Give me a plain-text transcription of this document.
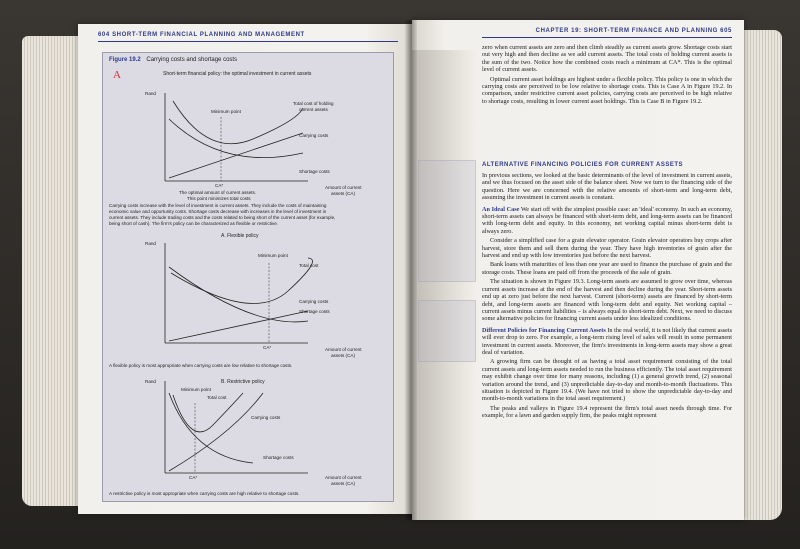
604 SHORT-TERM FINANCIAL PLANNING AND MANAGEMENT
Figure 19.2 Carrying costs and shortage costs
A	Short-term financial policy: the optimal investment in current assets
Rand
Minimum point
Total cost of holding
current assets
Carrying costs
Shortage costs
CA*
The optimal amount of current assets.
This point minimizes total costs
Amount of current
assets (CA)
Carrying costs increase with the level of investment in current assets. They include the costs of maintaining
economic value and opportunity costs. Shortage costs decrease with increases in the level of investment in
current assets. They include trading costs and the costs related to being short of the current asset (for example,
being short of cash). The firm's policy can be characterized as flexible or restrictive.
A. Flexible policy
Rand
Minimum point
Total cost
Carrying costs
Shortage costs
CA*	Amount of current
assets (CA)
A flexible policy is most appropriate when carrying costs are low relative to shortage costs.
B. Restrictive policy
Rand
Minimum point
Total cost
Carrying costs
Shortage costs
CA*	Amount of current
assets (CA)
A restrictive policy is most appropriate when carrying costs are high relative to shortage costs.
CHAPTER 19: SHORT-TERM FINANCE AND PLANNING 605

zero when current assets are zero and then climb steadily as current assets grow. Shortage costs start out very high and then decline as we add current assets. The total costs of holding current assets is the sum of the two. Notice how the combined costs reach a minimum at CA*. This is the optimal level of current assets.

Optimal current asset holdings are highest under a flexible policy. This policy is one in which the carrying costs are perceived to be low relative to shortage costs. This is Case A in Figure 19.2. In comparison, under restrictive current asset policies, carrying costs are perceived to be high relative to shortage costs, resulting in lower current asset holdings. This is Case B in Figure 19.2.

ALTERNATIVE FINANCING POLICIES FOR CURRENT ASSETS

In previous sections, we looked at the basic determinants of the level of investment in current assets, and we thus focused on the asset side of the balance sheet. Now we turn to the financing side of the question. Here we are concerned with the relative amounts of short-term and long-term debt, assuming the investment in current assets is constant.

An Ideal Case We start off with the simplest possible case: an 'ideal' economy. In such an economy, short-term assets can always be financed with short-term debt, and long-term assets can be financed with long-term debt and equity. In this economy, net working capital minus short-term debt is always zero.

Consider a simplified case for a grain elevator operator. Grain elevator operators buy crops after harvest, store them and sell them during the year. They have high inventories of grain after the harvest and end up with low inventories just before the next harvest.

Bank loans with maturities of less than one year are used to finance the purchase of grain and the storage costs. These loans are paid off from the proceeds of the sale of grain.

The situation is shown in Figure 19.3. Long-term assets are assumed to grow over time, whereas current assets increase at the end of the harvest and then decline during the year. Short-term assets end up at zero just before the next harvest. Current (short-term) assets are financed by short-term debt, and long-term assets are financed with long-term debt and equity. Net working capital – current assets minus current liabilities – is always equal to short-term debt. Next, we need to discuss some alternative policies for financing current assets under less idealized conditions.

Different Policies for Financing Current Assets In the real world, it is not likely that current assets will ever drop to zero. For example, a long-term rising level of sales will result in some permanent investment in current assets. Moreover, the firm's investments in long-term assets may show a great deal of variation.

A growing firm can be thought of as having a total asset requirement consisting of the total current assets and long-term assets needed to run the business efficiently. The total asset requirement may exhibit change over time for many reasons, including (1) a general growth trend, (2) seasonal variation around the trend, and (3) unpredictable day-to-day and month-to-month fluctuations. This situation is depicted in Figure 19.4. (We have not tried to show the unpredictable day-to-day and month-to-month variations in the total asset requirement.)

The peaks and valleys in Figure 19.4 represent the firm's total asset needs through time. For example, for a lawn and garden supply firm, the peaks might represent
